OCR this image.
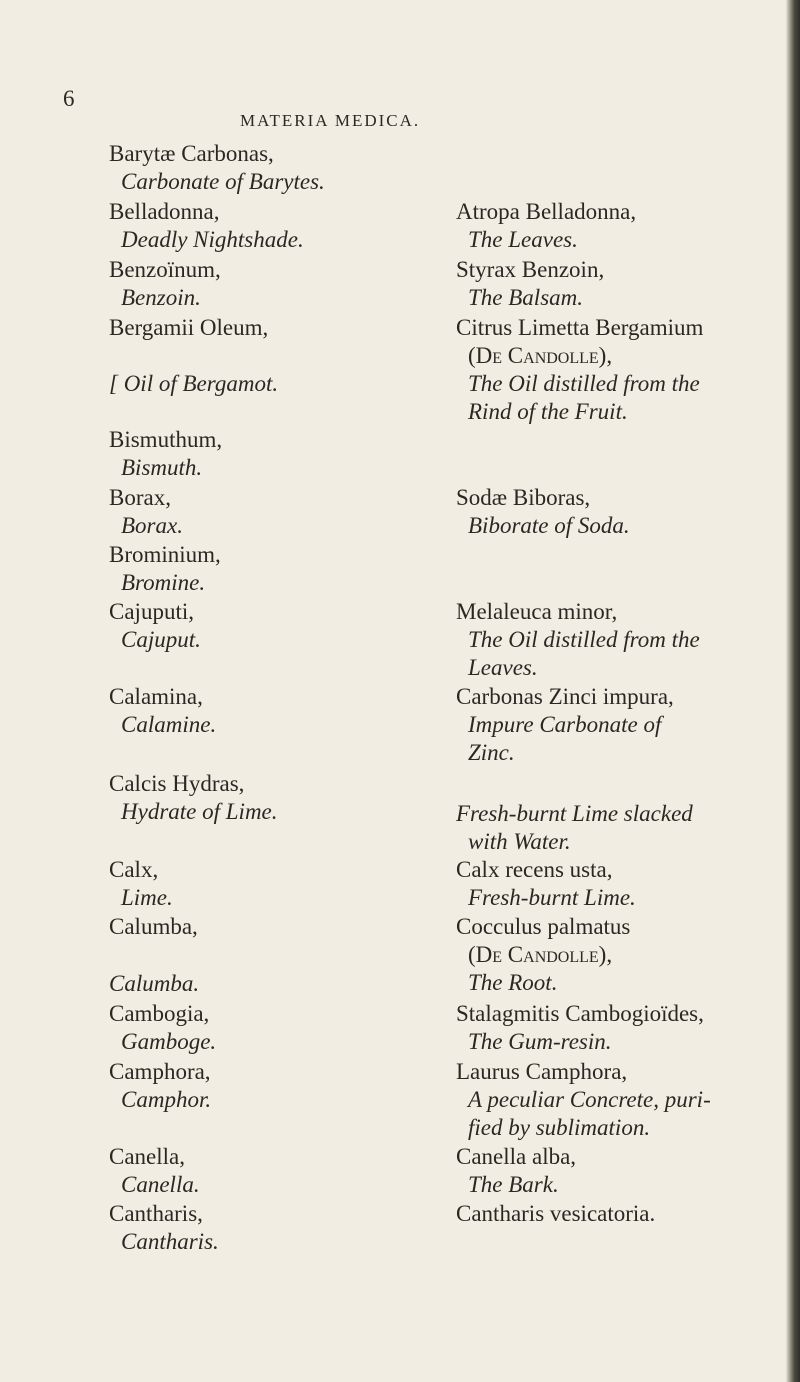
6
MATERIA MEDICA.
Barytæ Carbonas,
Carbonate of Barytes.
Belladonna,
Deadly Nightshade.
Benzoïnum,
Benzoin.
Bergamii Oleum,
[ Oil of Bergamot.
Bismuthum,
Bismuth.
Borax,
Borax.
Brominium,
Bromine.
Cajuputi,
Cajuput.
Calamina,
Calamine.
Calcis Hydras,
Hydrate of Lime.
Calx,
Lime.
Calumba,
Calumba.
Cambogia,
Gamboge.
Camphora,
Camphor.
Canella,
Canella.
Cantharis,
Cantharis.
Atropa Belladonna,
The Leaves.
Styrax Benzoin,
The Balsam.
Citrus Limetta Bergamium
(De Candolle),
The Oil distilled from the
Rind of the Fruit.
Sodæ Biboras,
Biborate of Soda.
Melaleuca minor,
The Oil distilled from the
Leaves.
Carbonas Zinci impura,
Impure Carbonate of
Zinc.
Fresh-burnt Lime slacked
with Water.
Calx recens usta,
Fresh-burnt Lime.
Cocculus palmatus
(De Candolle),
The Root.
Stalagmitis Cambogioïdes,
The Gum-resin.
Laurus Camphora,
A peculiar Concrete, puri-
fied by sublimation.
Canella alba,
The Bark.
Cantharis vesicatoria.
